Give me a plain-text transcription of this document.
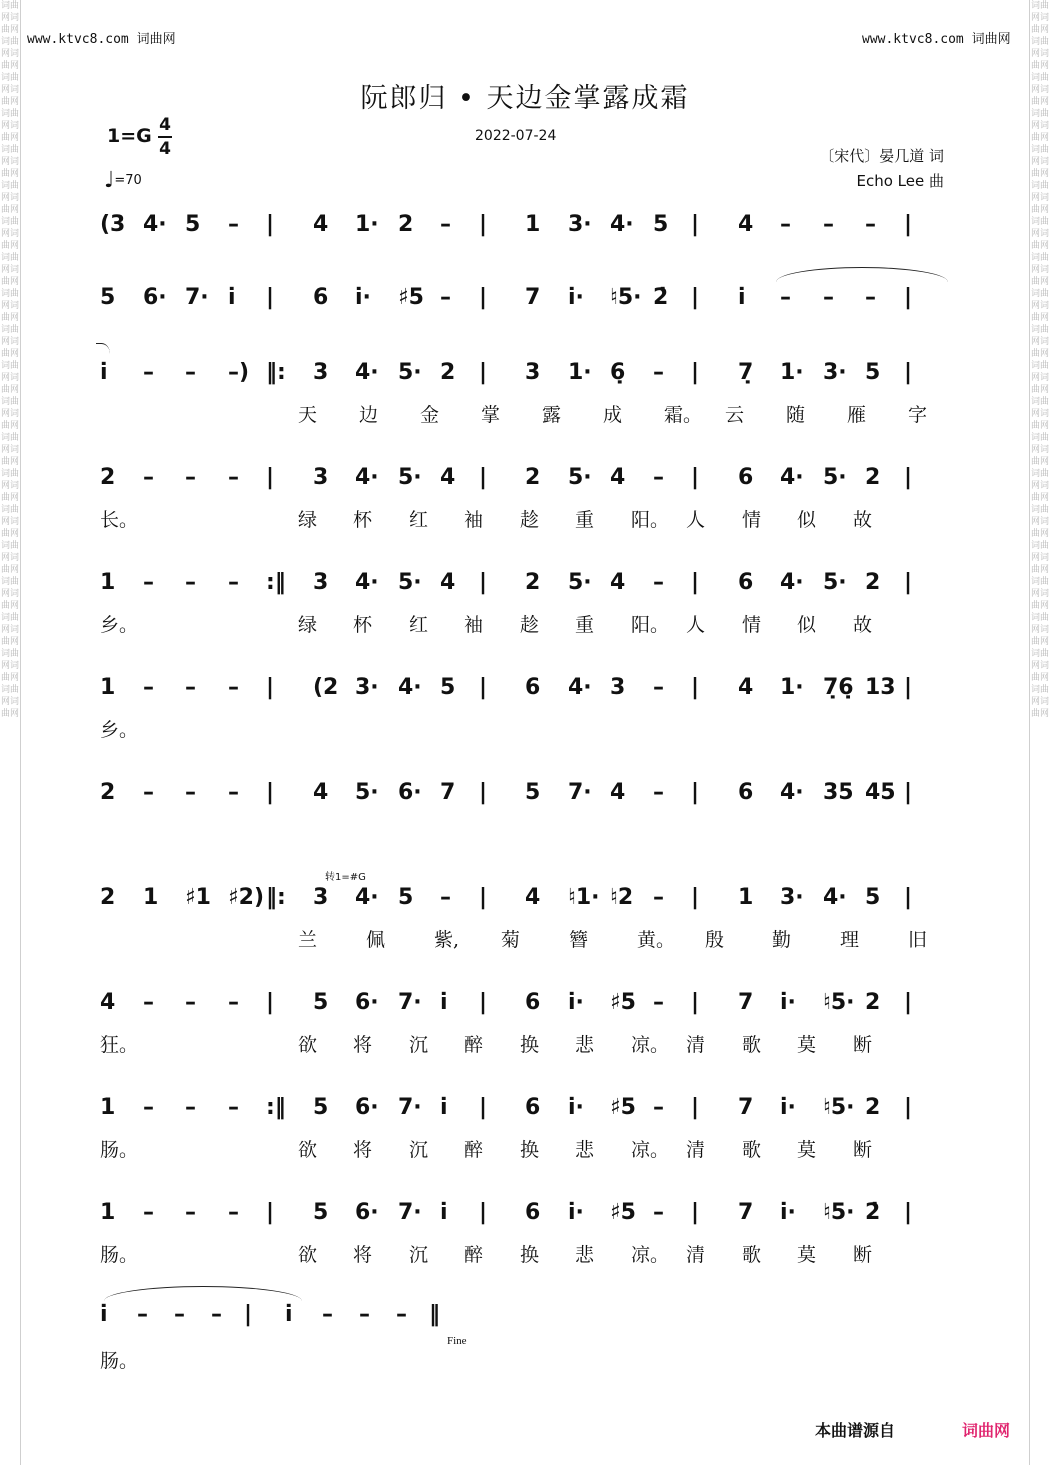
词曲网词曲网词曲网词曲网词曲网词曲网词曲网词曲网词曲网词曲网词曲网词曲网词曲网词曲网词曲网词曲网词曲网词曲网词曲网词曲网词曲网词曲网词曲网词曲网词曲网词曲网词曲网词曲网词曲网词曲网词曲网词曲网词曲网词曲网词曲网词曲网词曲网词曲网词曲网词曲网
词曲网词曲网词曲网词曲网词曲网词曲网词曲网词曲网词曲网词曲网词曲网词曲网词曲网词曲网词曲网词曲网词曲网词曲网词曲网词曲网词曲网词曲网词曲网词曲网词曲网词曲网词曲网词曲网词曲网词曲网词曲网词曲网词曲网词曲网词曲网词曲网词曲网词曲网词曲网词曲网
www.ktvc8.com 词曲网	www.ktvc8.com 词曲网
阮郎归 • 天边金掌露成霜
2022-07-24
1=G 4
4
♩=70
〔宋代〕晏几道 词
Echo Lee 曲
(3 4· 5 – | 4 1· 2 – | 1 3· 4· 5 | 4 – – – |
5 6· 7· i̇ | 6 i̇· ♯5 – | 7 i̇· ♮5· 2̇ | i̇ – – – |
i̇ – – –) ‖: 3 4· 5· 2 | 3 1· 6̣ – | 7̣ 1· 3· 5 |
天 边 金 掌 露 成 霜。 云 随 雁 字
2 – – – | 3 4· 5· 4 | 2 5· 4 – | 6 4· 5· 2 |
长。	绿 杯 红 袖 趁 重 阳。 人 情 似 故
1 – – – :‖ 3 4· 5· 4 | 2 5· 4 – | 6 4· 5· 2 |
乡。	绿 杯 红 袖 趁 重 阳。 人 情 似 故
1 – – – | (2 3· 4· 5 | 6 4· 3 – | 4 1· 7̣6̣ 13 |
乡。
2 – – – | 4 5· 6· 7 | 5 7· 4 – | 6 4· 35 45 |
2 1 ♯1 ♯2) ‖: 3 4· 5 – | 4 ♮1· ♮2 – | 1 3· 4· 5 |
兰	佩	紫, 菊	簪	黄。 殷	勤	理	旧
4 – – – | 5 6· 7· i̇ | 6 i̇· ♯5 – | 7 i̇· ♮5· 2 |
狂。	欲 将 沉 醉 换 悲 凉。 清 歌 莫 断
1 – – – :‖ 5 6· 7· i̇ | 6 i̇· ♯5 – | 7 i̇· ♮5· 2 |
肠。	欲 将 沉 醉 换 悲 凉。 清 歌 莫 断
1 – – – | 5 6· 7· i̇ | 6 i̇· ♯5 – | 7 i̇· ♮5· 2̇ |
肠。	欲 将 沉 醉 换 悲 凉。 清 歌 莫 断
i̇ – – – | i̇ – – – ‖
肠。
转1=#G
Fine
本曲谱源自	词曲网
